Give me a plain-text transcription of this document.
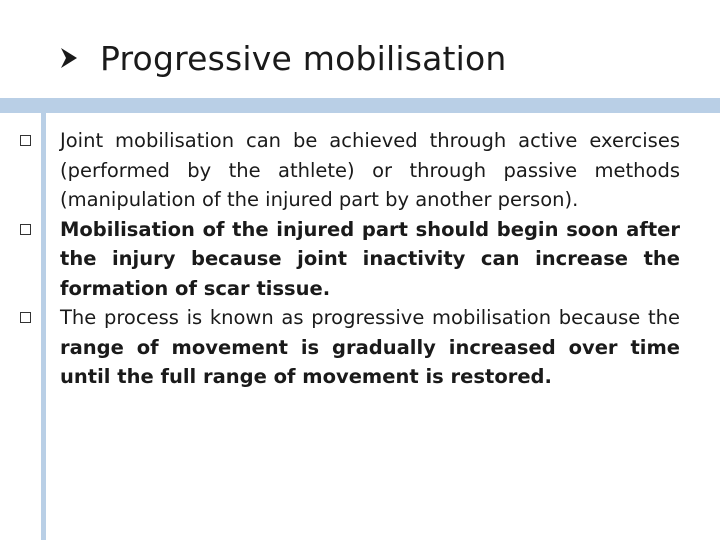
Progressive mobilisation
Joint mobilisation can be achieved through active exercises (performed by the athlete) or through passive methods (manipulation of the injured part by another person).
Mobilisation of the injured part should begin soon after the injury because joint inactivity can increase the formation of scar tissue.
The process is known as progressive mobilisation because the range of movement is gradually increased over time until the full range of movement is restored.
